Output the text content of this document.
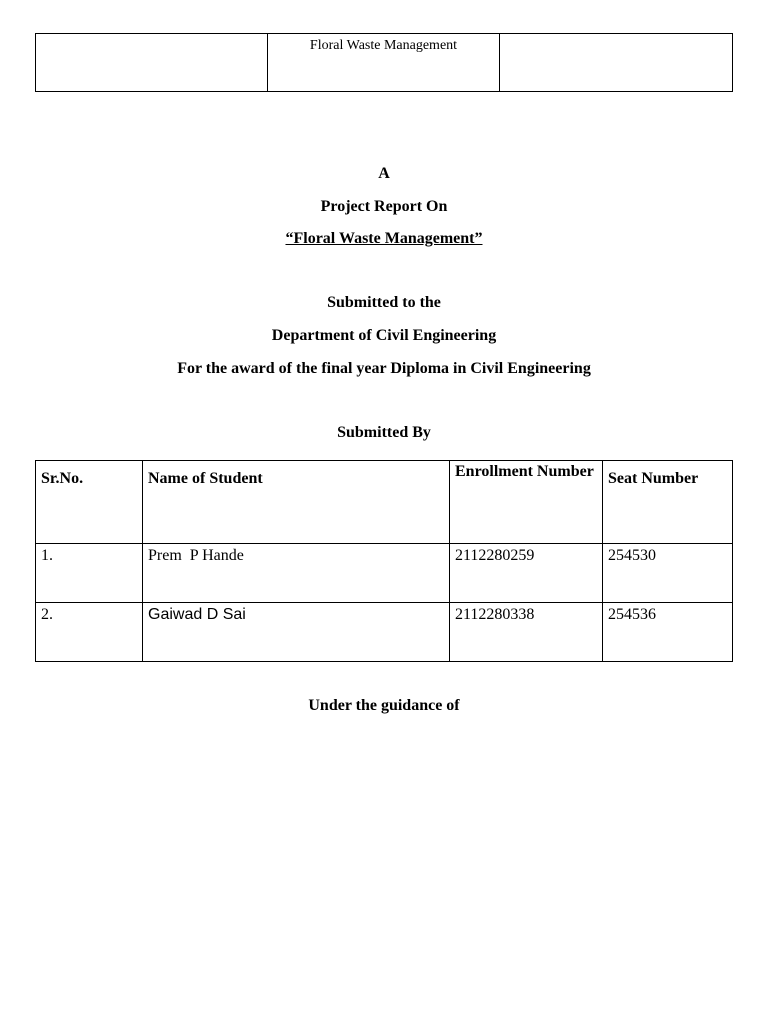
	Floral Waste Management	
A
Project Report On
“Floral Waste Management”
Submitted to the
Department of Civil Engineering
For the award of the final year Diploma in Civil Engineering
Submitted By
Sr.No.	Name of Student	Enrollment Number	Seat Number
1.	Prem  P Hande	2112280259	254530
2.	Gaiwad D Sai	2112280338	254536
Under the guidance of
